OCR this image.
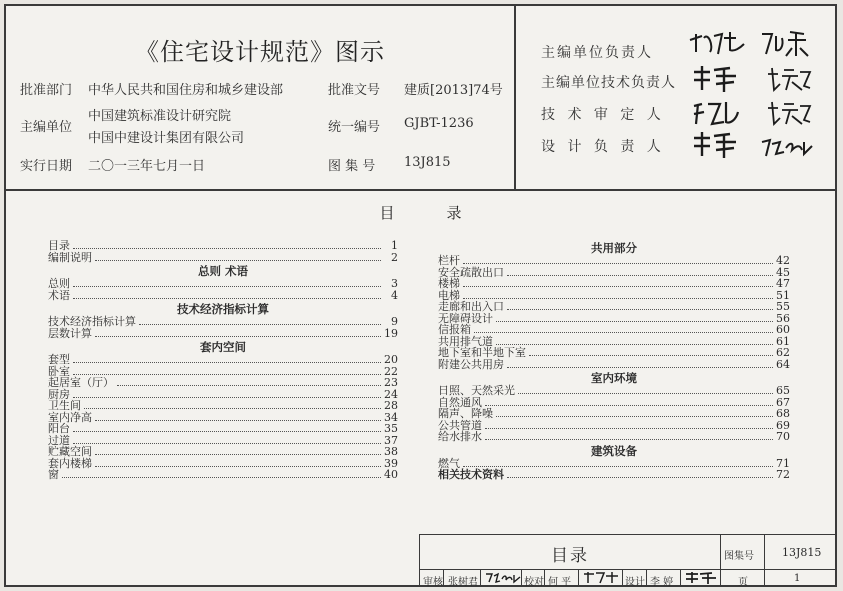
《住宅设计规范》图示
批准部门 中华人民共和国住房和城乡建设部	批准文号 建质[2013]74号
主编单位
中国建筑标准设计研究院
中国中建设计集团有限公司
统一编号 GJBT-1236
实行日期 二〇一三年七月一日	图 集 号 13J815
主编单位负责人
主编单位技术负责人
技 术 审 定 人
设 计 负 责 人
目录
目录	1
编制说明	2
总则 术语
总则	3
术语	4
技术经济指标计算
技术经济指标计算	9
层数计算	19
套内空间
套型	20
卧室	22
起居室（厅）	23
厨房	24
卫生间	28
室内净高	34
阳台	35
过道	37
贮藏空间	38
套内楼梯	39
窗	40
共用部分
栏杆	42
安全疏散出口	45
楼梯	47
电梯	51
走廊和出入口	55
无障碍设计	56
信报箱	60
共用排气道	61
地下室和半地下室	62
附建公共用房	64
室内环境
日照、天然采光	65
自然通风	67
隔声、降噪	68
公共管道	69
给水排水	70
建筑设备
燃气	71
相关技术资料	72
目录	图集号	13J815
审核 张树君	校对 何 平	设计 李 婷	页	1
